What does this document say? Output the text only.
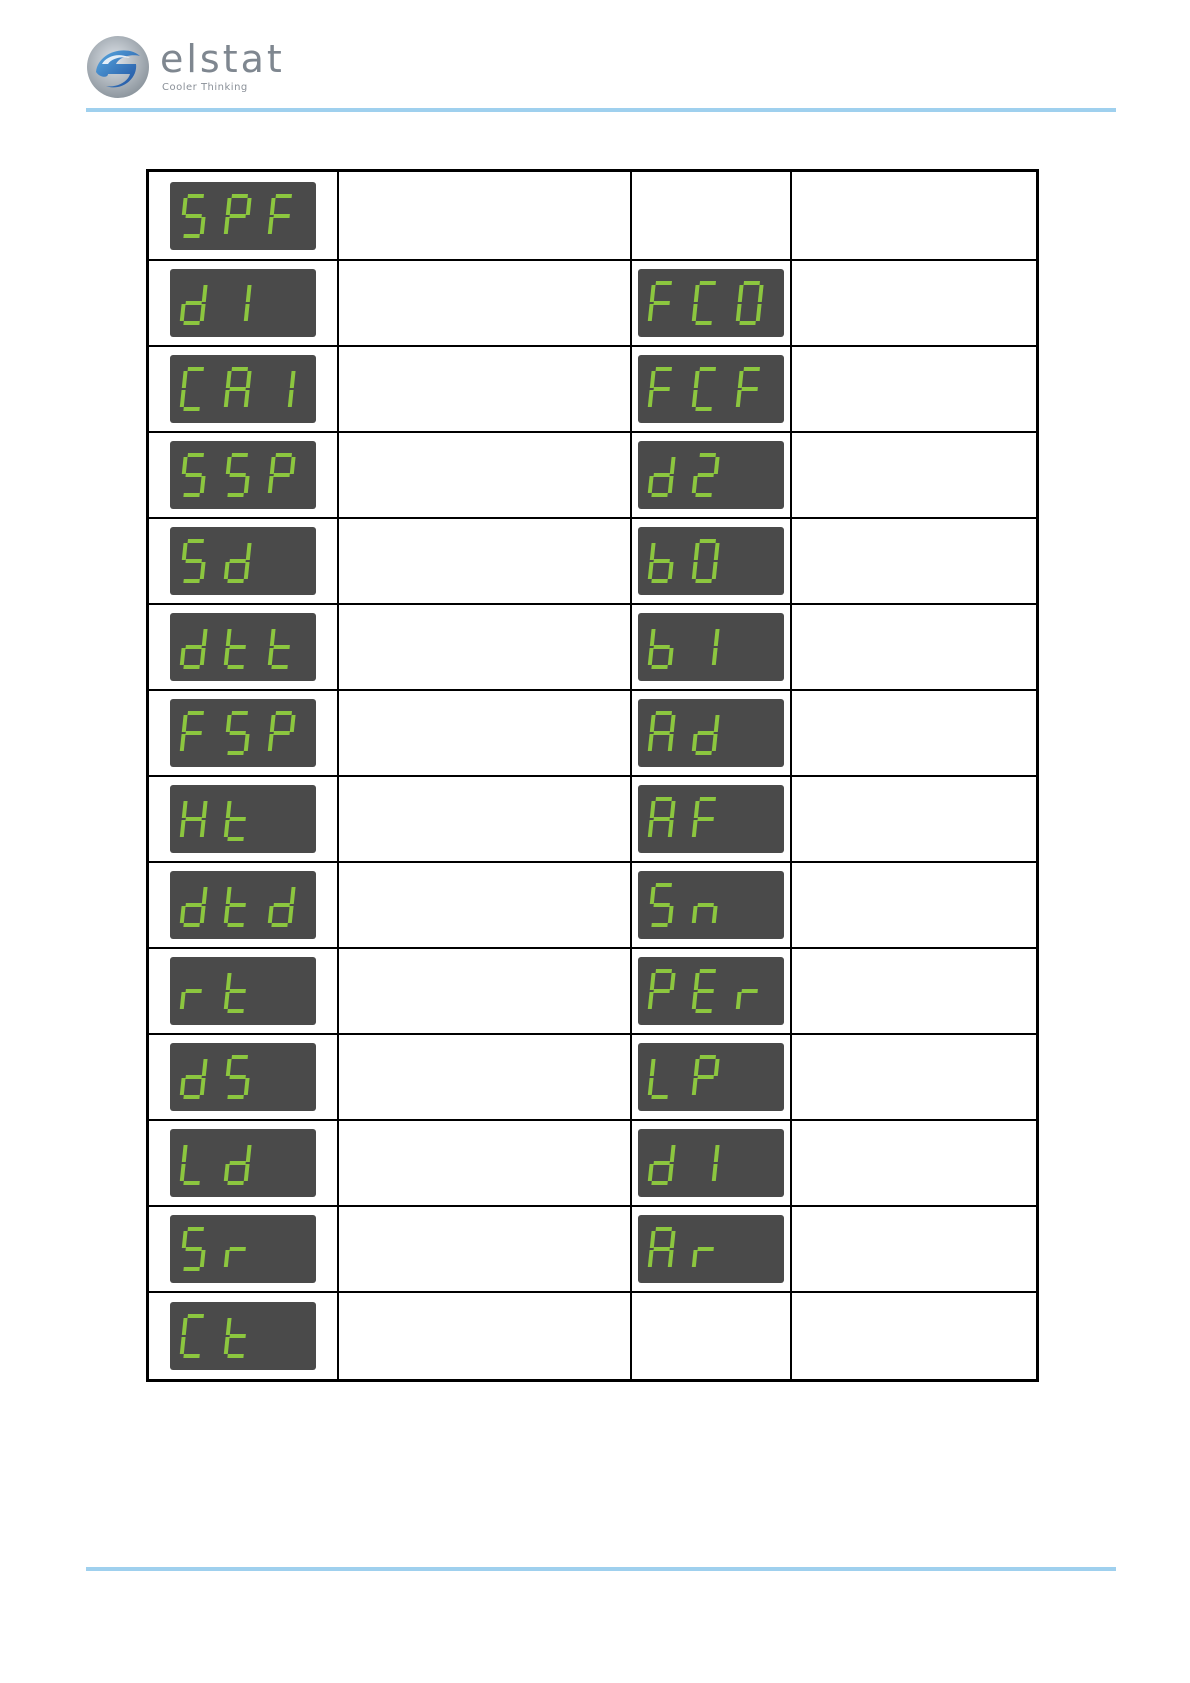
elstat
Cooler Thinking
